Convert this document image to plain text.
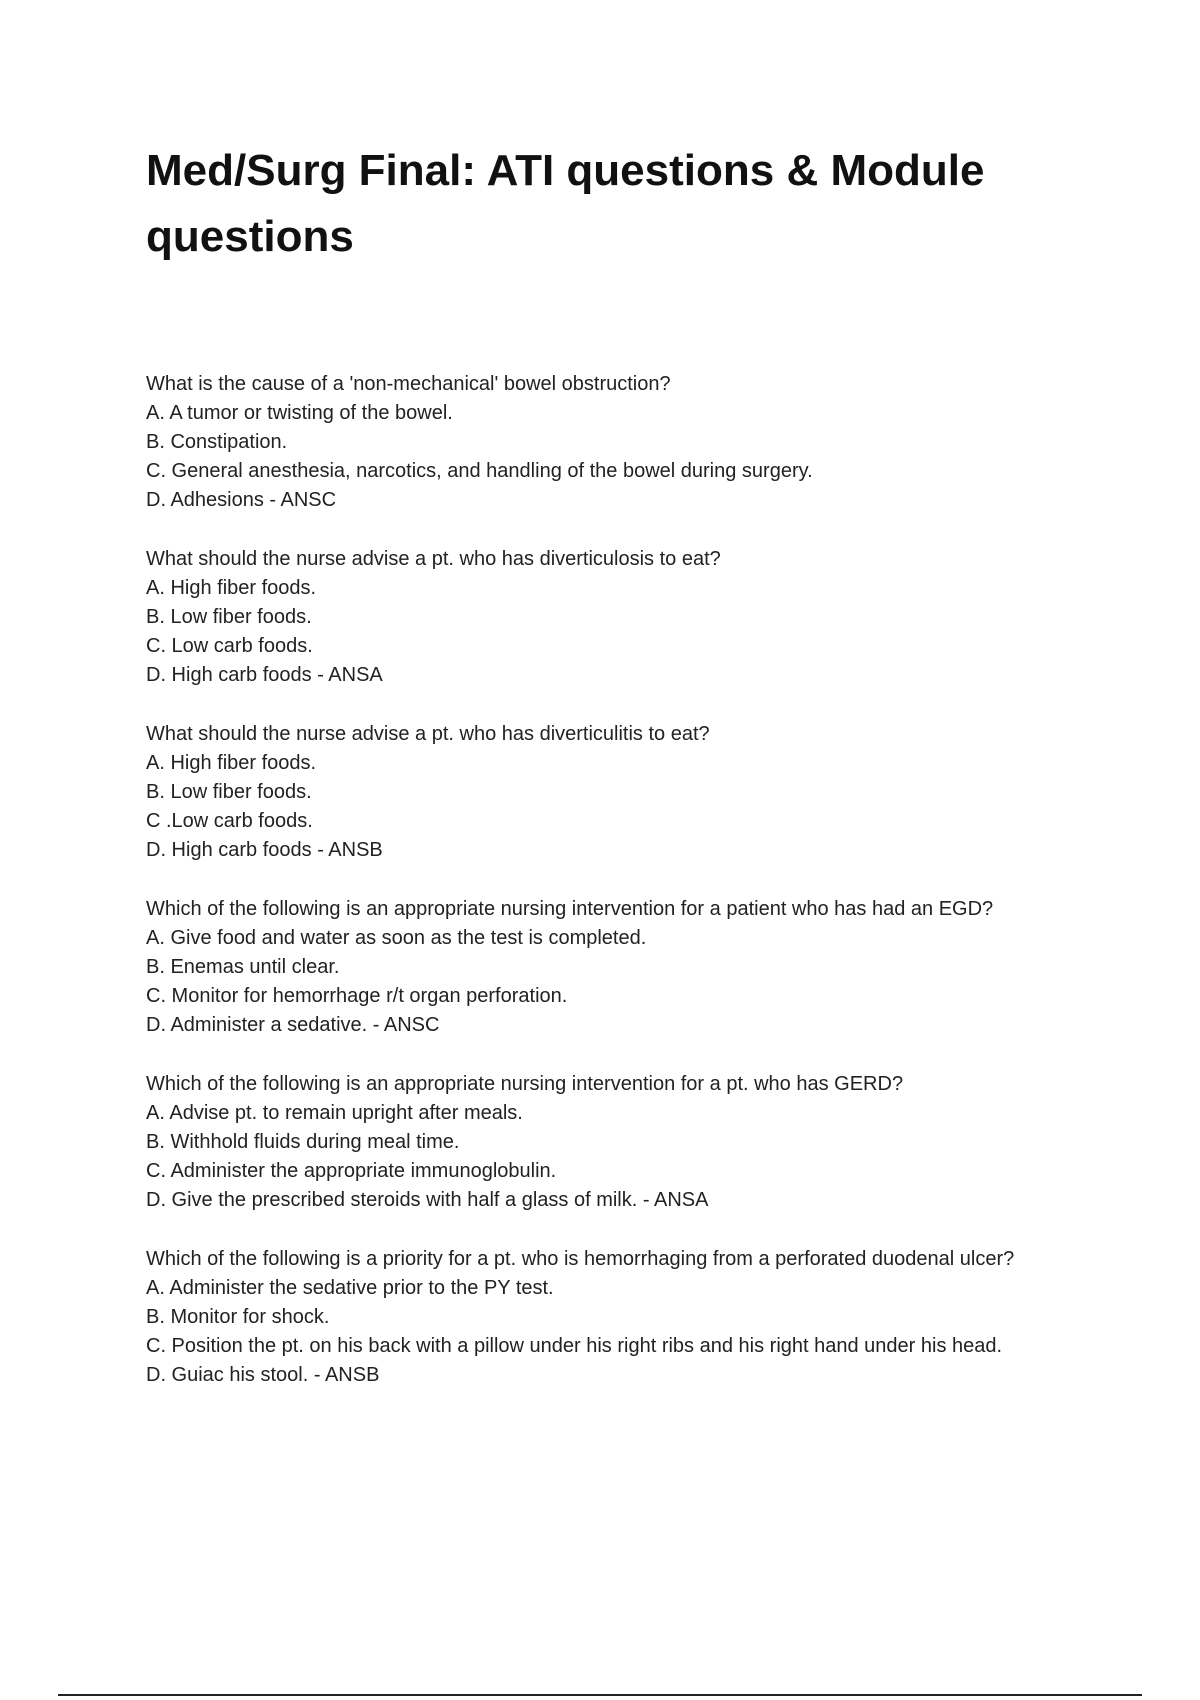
Med/Surg Final: ATI questions & Module questions
What is the cause of a 'non-mechanical' bowel obstruction?
A. A tumor or twisting of the bowel.
B. Constipation.
C. General anesthesia, narcotics, and handling of the bowel during surgery.
D. Adhesions - ANSC
What should the nurse advise a pt. who has diverticulosis to eat?
A. High fiber foods.
B. Low fiber foods.
C. Low carb foods.
D. High carb foods - ANSA
What should the nurse advise a pt. who has diverticulitis to eat?
A. High fiber foods.
B. Low fiber foods.
C .Low carb foods.
D. High carb foods - ANSB
Which of the following is an appropriate nursing intervention for a patient who has had an EGD?
A. Give food and water as soon as the test is completed.
B. Enemas until clear.
C. Monitor for hemorrhage r/t organ perforation.
D. Administer a sedative. - ANSC
Which of the following is an appropriate nursing intervention for a pt. who has GERD?
A. Advise pt. to remain upright after meals.
B. Withhold fluids during meal time.
C. Administer the appropriate immunoglobulin.
D. Give the prescribed steroids with half a glass of milk. - ANSA
Which of the following is a priority for a pt. who is hemorrhaging from a perforated duodenal ulcer?
A. Administer the sedative prior to the PY test.
B. Monitor for shock.
C. Position the pt. on his back with a pillow under his right ribs and his right hand under his head.
D. Guiac his stool. - ANSB
